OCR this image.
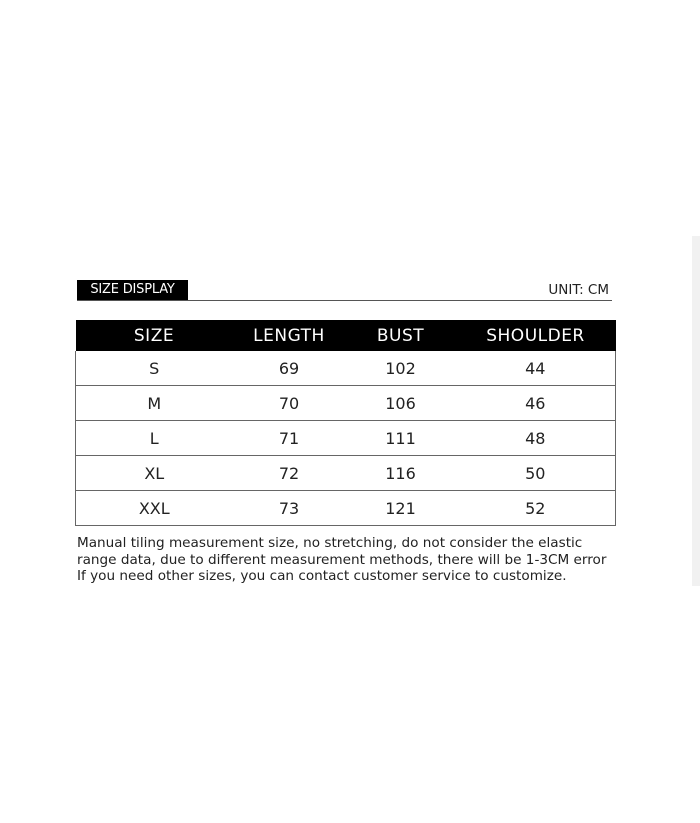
SIZE DISPLAY	UNIT: CM
SIZE	LENGTH	BUST	SHOULDER
S	69	102	44
M	70	106	46
L	71	111	48
XL	72	116	50
XXL	73	121	52

Manual tiling measurement size, no stretching, do not consider the elastic range data, due to different measurement methods, there will be 1-3CM error If you need other sizes, you can contact customer service to customize.
